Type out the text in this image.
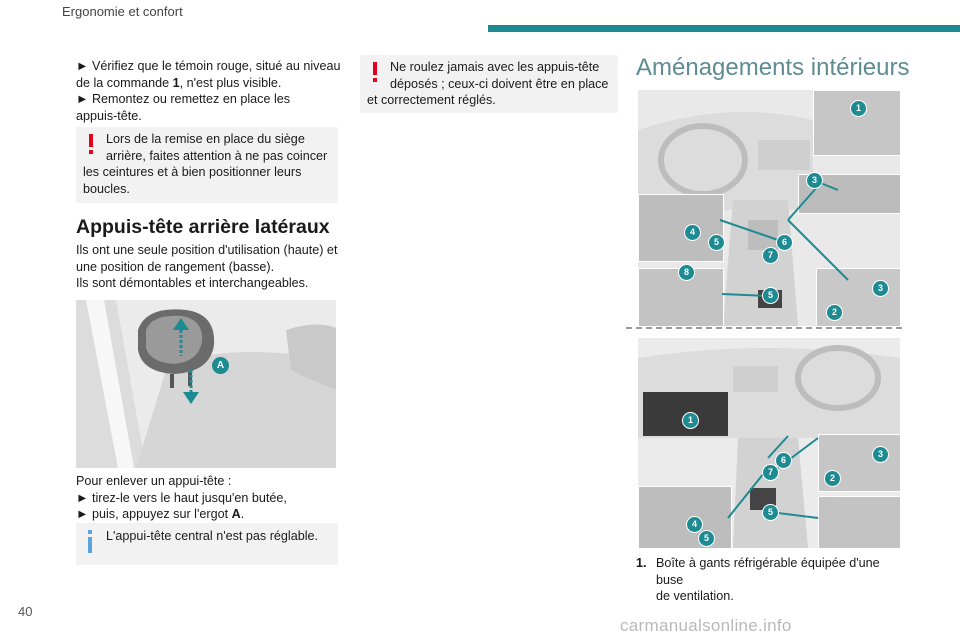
Ergonomie et confort
► Vérifiez que le témoin rouge, situé au niveau
de la commande 1, n'est plus visible.
► Remontez ou remettez en place les
appuis-tête.
Lors de la remise en place du siège
arrière, faites attention à ne pas coincer
les ceintures et à bien positionner leurs
boucles.
Appuis-tête arrière latéraux
Ils ont une seule position d'utilisation (haute) et
une position de rangement (basse).
Ils sont démontables et interchangeables.
A
Pour enlever un appui-tête :
► tirez-le vers le haut jusqu'en butée,
► puis, appuyez sur l'ergot A.
L'appui-tête central n'est pas réglable.
Ne roulez jamais avec les appuis-tête
déposés ; ceux-ci doivent être en place
et correctement réglés.
Aménagements intérieurs
1
3
4
5	6
7
8
5
3
2
1
6
7
3
2
4
5
5
1. Boîte à gants réfrigérable équipée d'une buse
de ventilation.
40
carmanualsonline.info
